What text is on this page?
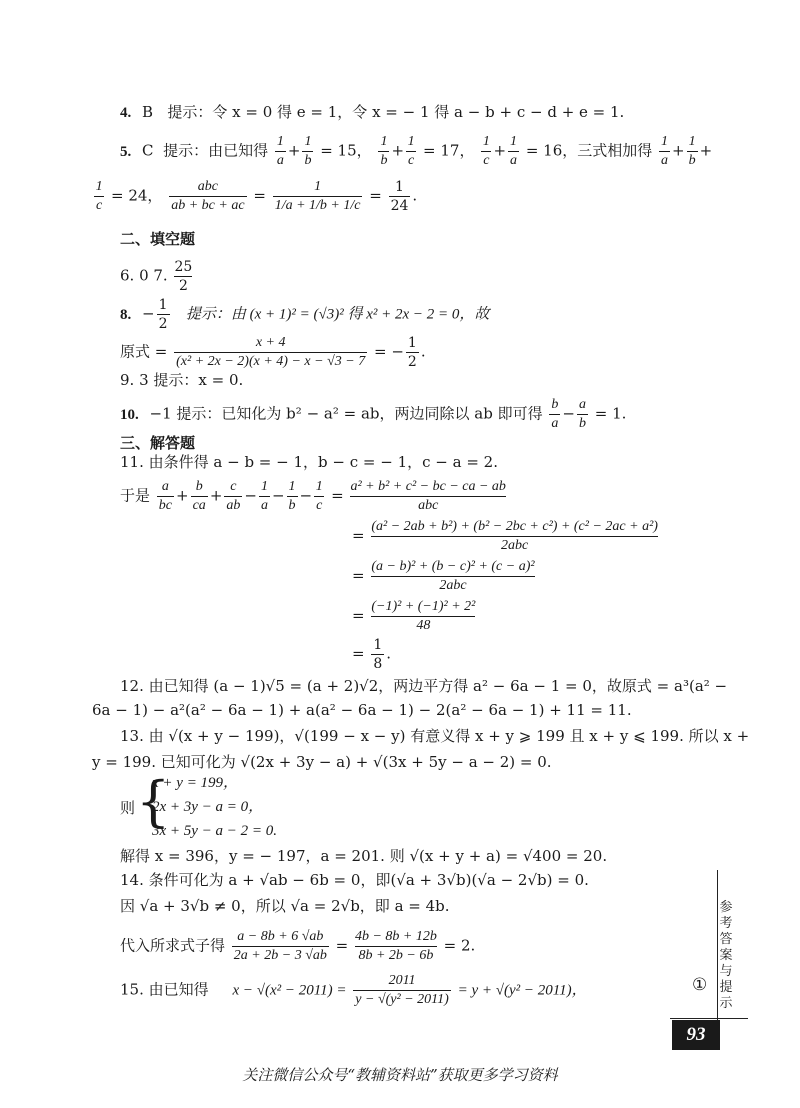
4. B 提示：令 x = 0 得 e = 1，令 x = − 1 得 a − b + c − d + e = 1.
5. C 提示：由已知得 $\frac{1}{a} + \frac{1}{b} = 15$， $\frac{1}{b} + \frac{1}{c} = 17$， $\frac{1}{c} + \frac{1}{a} = 16$，三式相加得 $\frac{1}{a} + \frac{1}{b}$ +
$\frac{1}{c} = 24$， $\frac{\text{abc}}{ab + bc + ac} = \frac{1}{1/a + 1/b + 1/c} = \frac{1}{24}$ .
二、填空题
6. 0 7. $\frac{25}{2}$
8. − $\frac{1}{2}$ 提示：由 (x + 1)² = (√3)² 得 x² + 2x − 2 = 0，故
原式 = $\frac{x + 4}{\text{(x² + 2x − 2)(x + 4) − x − √3 − 7}}$ = − $\frac{1}{2}$ .
9. 3 提示：x = 0.
10. −1 提示：已知化为 b² − a² = ab，两边同除以 ab 即可得 $\frac{b}{a} - \frac{a}{b} = 1$.
三、解答题
11. 由条件得 a − b = − 1，b − c = − 1，c − a = 2.
于是 $\frac{a}{bc} + \frac{b}{ca} + \frac{c}{ab} - \frac{1}{a} - \frac{1}{b} - \frac{1}{c} = \frac{\text{a² + b² + c² − bc − ca − ab}}{\text{abc}}$
= $\frac{\text{(a² − 2ab + b²) + (b² − 2bc + c²) + (c² − 2ac + a²)}}{\text{2abc}}$
= $\frac{\text{(a − b)² + (b − c)² + (c − a)²}}{\text{2abc}}$
= $\frac{\text{(−1)² + (−1)² + 2²}}{48}$
= $\frac{1}{8}$ .
12. 由已知得 (a − 1)√5 = (a + 2)√2，两边平方得 a² − 6a − 1 = 0，故原式 = a³(a² −
6a − 1) − a²(a² − 6a − 1) + a(a² − 6a − 1) − 2(a² − 6a − 1) + 11 = 11.
13. 由 √(x + y − 199)，√(199 − x − y) 有意义得 x + y ⩾ 199 且 x + y ⩽ 199. 所以 x +
y = 199. 已知可化为 √(2x + 3y − a) + √(3x + 5y − a − 2) = 0.
则 {
x + y = 199，
2x + 3y − a = 0，
3x + 5y − a − 2 = 0.
解得 x = 396，y = − 197，a = 201. 则 √(x + y + a) = √400 = 20.
14. 条件可化为 a + √ab − 6b = 0，即(√a + 3√b)(√a − 2√b) = 0.
因 √a + 3√b ≠ 0，所以 √a = 2√b，即 a = 4b.
代入所求式子得 $\frac{a - 8b + 6 √ab}{2a + 2b - 3 √ab} = \frac{4b - 8b + 12b}{8b + 2b - 6b} = 2$.
15. 由已知得 $x - √(x^2 - 2011) = \frac{2011}{\text{y − √(y² − 2011)}} = y + √(y^2 - 2011)$，	①
参考答案与提示
93
关注微信公众号“教辅资料站”获取更多学习资料
